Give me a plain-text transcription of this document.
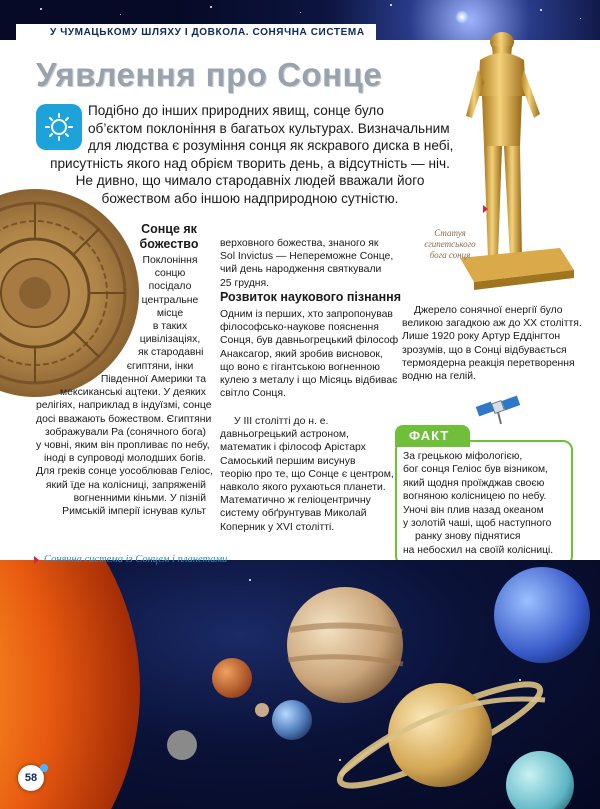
У ЧУМАЦЬКОМУ ШЛЯХУ І ДОВКОЛА. СОНЯЧНА СИСТЕМА
Статуя
єгипетського
бога сонця
Уявлення про Сонце
Подібно до інших природних явищ, сонце було
об’єктом поклоніння в багатьох культурах. Визначальним
для людства є розуміння сонця як яскравого диска в небі,
присутність якого над обрієм творить день, а відсутність — ніч.
Не дивно, що чимало стародавніх людей вважали його
божеством або іншою надприродною сутністю.
Сонце як
божество
Поклоніння
сонцю
посідало
центральне
місце
в таких
цивілізаціях,
як стародавні
єгиптяни, інки
Південної Америки та
мексиканські ацтеки. У деяких
релігіях, наприклад в індуїзмі, сонце
досі вважають божеством. Єгиптяни
зображували Ра (сонячного бога)
у човні, яким він пропливає по небу,
іноді в супроводі молодших богів.
Для греків сонце уособлював Геліос,
який їде на колісниці, запряженій
вогненними кіньми. У пізній
Римській імперії існував культ
верховного божества, знаного як
Sol Invictus — Непереможне Сонце,
чий день народження святкували
25 грудня.
Розвиток наукового пізнання
Одним із перших, хто запропонував
філософсько-наукове пояснення
Сонця, був давньогрецький філософ
Анаксагор, який зробив висновок,
що воно є гігантською вогненною
кулею з металу і що Місяць відбиває
світло Сонця.
У III столітті до н. е.
давньогрецький астроном,
математик і філософ Арістарх
Самоський першим висунув
теорію про те, що Сонце є центром,
навколо якого рухаються планети.
Математично ж геліоцентричну
систему обґрунтував Миколай
Коперник у XVI столітті.
Джерело сонячної енергії було
великою загадкою аж до XX століття.
Лише 1920 року Артур Еддінгтон
зрозумів, що в Сонці відбувається
термоядерна реакція перетворення
водню на гелій.
ФАКТ
За грецькою міфологією,
бог сонця Геліос був візником,
який щодня проїжджав своєю
вогняною колісницею по небу.
Уночі він плив назад океаном
у золотій чаші, щоб наступного
ранку знову піднятися
на небосхил на своїй колісниці.
Сонячна система із Сонцем і планетами
58
